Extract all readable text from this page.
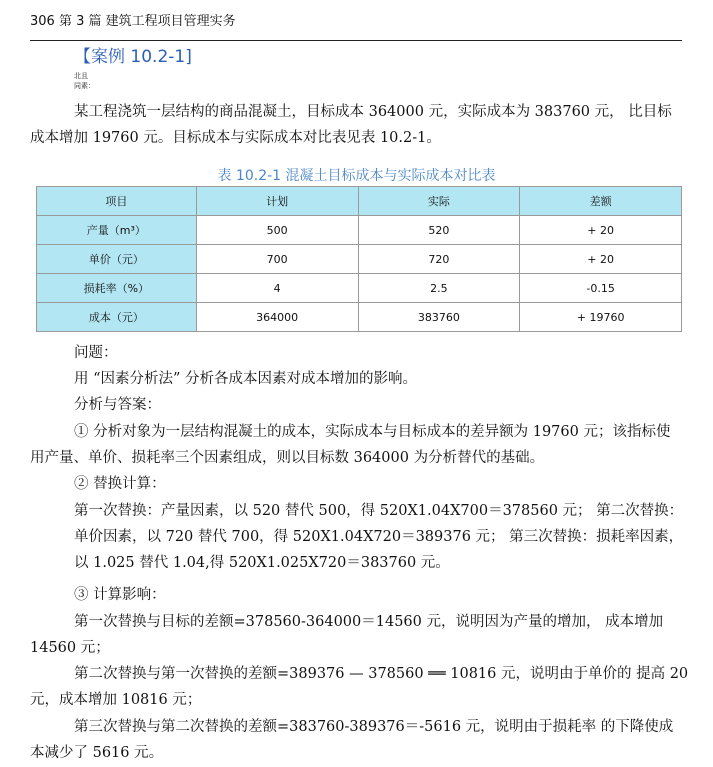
306 第 3 篇 建筑工程项目管理实务
【案例 10.2-1]
北且
同素：
某工程浇筑一层结构的商品混凝土，目标成本 364000 元，实际成本为 383760 元， 比目标
成本增加 19760 元。目标成本与实际成本对比表见表 10.2-1。
表 10.2-1 混凝土目标成本与实际成本对比表
项目	计划	实际	差额
产量（m³）	500	520	+ 20
单价（元）	700	720	+ 20
损耗率（%）	4	2.5	-0.15
成本（元）	364000	383760	+ 19760
问题：
用 “因素分析法” 分析各成本因素对成本增加的影响。
分析与答案：
① 分析对象为一层结构混凝土的成本，实际成本与目标成本的差异额为 19760 元；该指标使
用产量、单价、损耗率三个因素组成，则以目标数 364000 为分析替代的基础。
② 替换计算：
第一次替换：产量因素，以 520 替代 500，得 520X1.04X700＝378560 元； 第二次替换：
单价因素，以 720 替代 700，得 520X1.04X720＝389376 元； 第三次替换：损耗率因素，
以 1.025 替代 1.04,得 520X1.025X720＝383760 元。
③ 计算影响：
第一次替换与目标的差额=378560-364000＝14560 元，说明因为产量的增加， 成本增加
14560 元；
第二次替换与第一次替换的差额=389376 — 378560 ══ 10816 元，说明由于单价的 提高 20
元，成本增加 10816 元；
第三次替换与第二次替换的差额=383760-389376＝-5616 元，说明由于损耗率 的下降使成
本减少了 5616 元。
